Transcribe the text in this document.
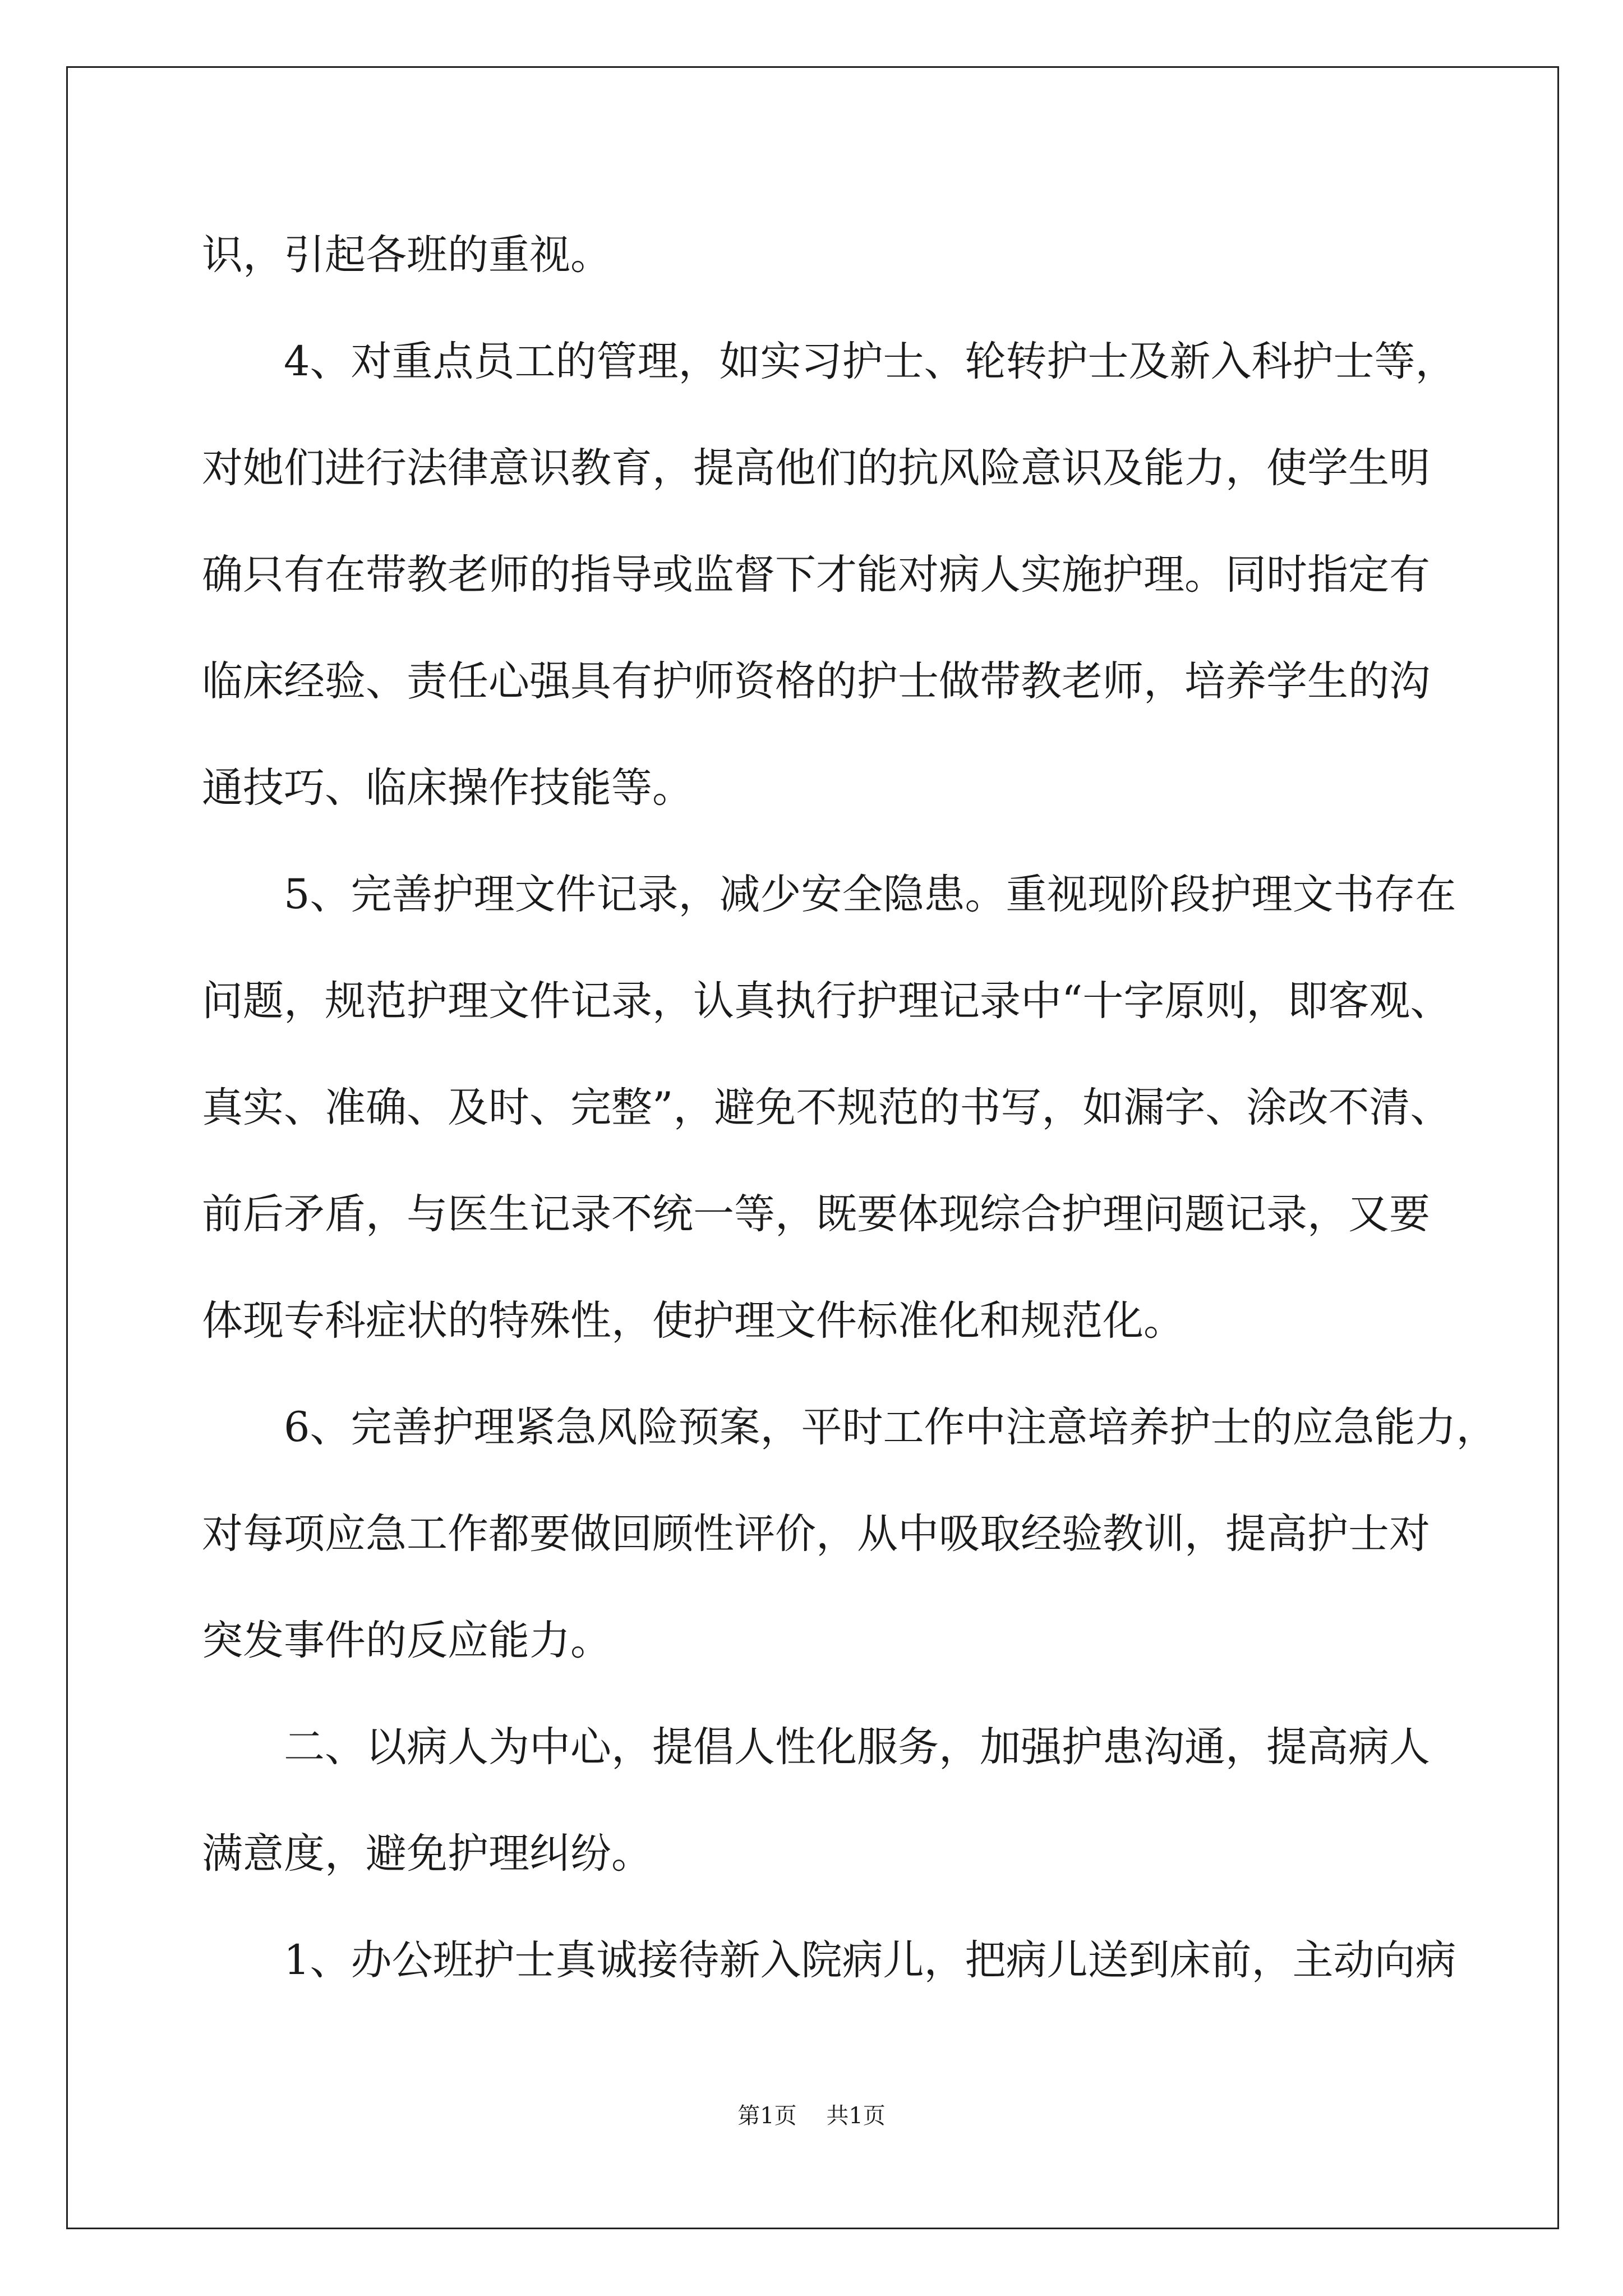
识，引起各班的重视。
　　4、对重点员工的管理，如实习护士、轮转护士及新入科护士等，
对她们进行法律意识教育，提高他们的抗风险意识及能力，使学生明
确只有在带教老师的指导或监督下才能对病人实施护理。同时指定有
临床经验、责任心强具有护师资格的护士做带教老师，培养学生的沟
通技巧、临床操作技能等。
　　5、完善护理文件记录，减少安全隐患。重视现阶段护理文书存在
问题，规范护理文件记录，认真执行护理记录中“十字原则，即客观、
真实、准确、及时、完整”，避免不规范的书写，如漏字、涂改不清、
前后矛盾，与医生记录不统一等，既要体现综合护理问题记录，又要
体现专科症状的特殊性，使护理文件标准化和规范化。
　　6、完善护理紧急风险预案，平时工作中注意培养护士的应急能力，
对每项应急工作都要做回顾性评价，从中吸取经验教训，提高护士对
突发事件的反应能力。
　　二、以病人为中心，提倡人性化服务，加强护患沟通，提高病人
满意度，避免护理纠纷。
　　1、办公班护士真诚接待新入院病儿，把病儿送到床前，主动向病
第1页 共1页
